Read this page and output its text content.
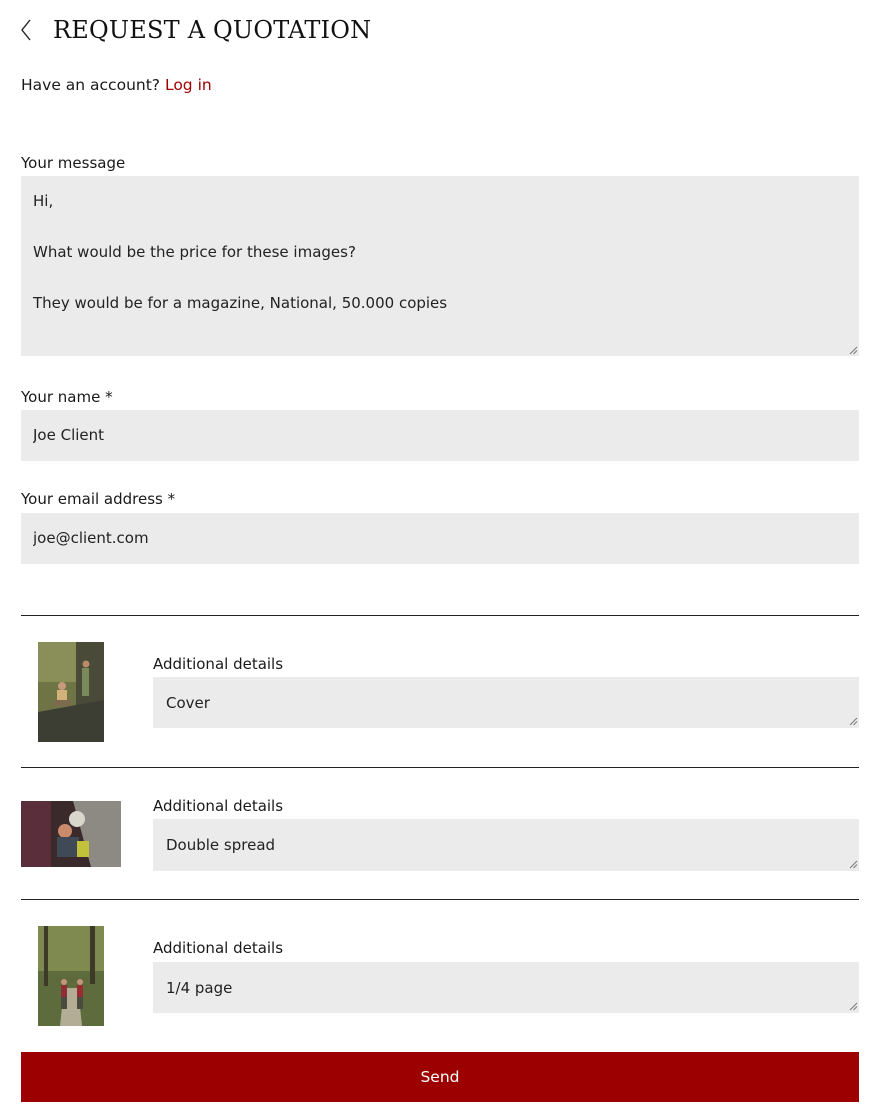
REQUEST A QUOTATION
Have an account? Log in
Your message
Hi, What would be the price for these images? They would be for a magazine, National, 50.000 copies
Your name *
Joe Client
Your email address *
joe@client.com
Additional details
Cover
Additional details
Double spread
Additional details
1/4 page
Send
